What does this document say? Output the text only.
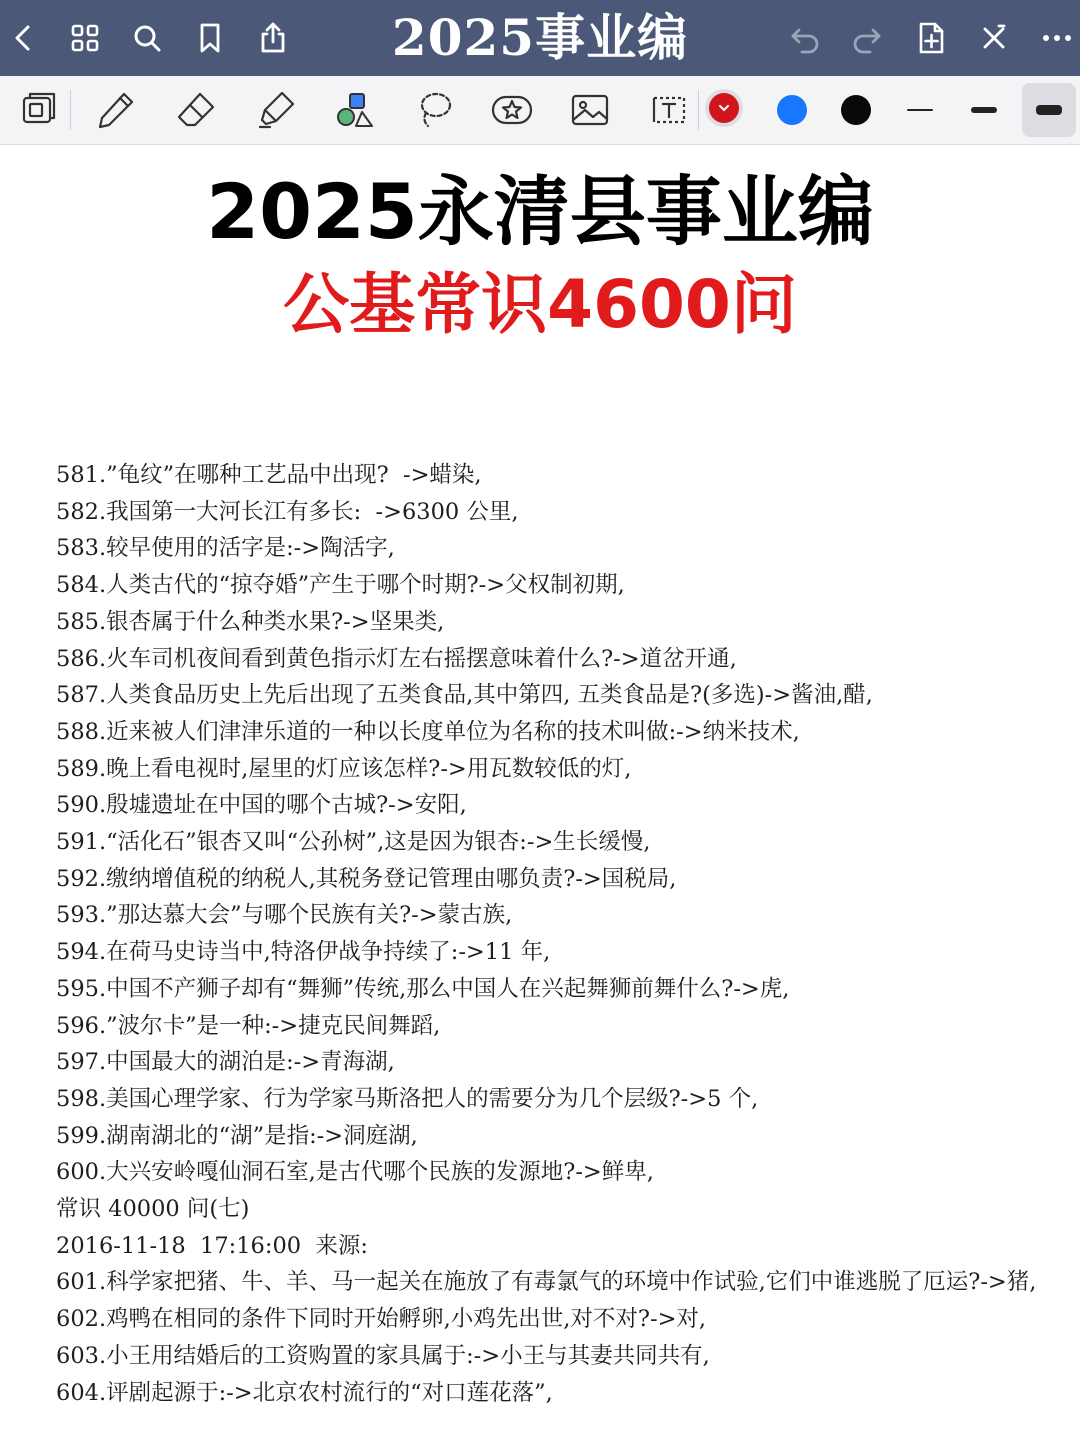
2025事业编
2025永清县事业编
公基常识4600问
581.”龟纹”在哪种工艺品中出现?  ->蜡染,
582.我国第一大河长江有多长:  ->6300 公里,
583.较早使用的活字是:->陶活字,
584.人类古代的“掠夺婚”产生于哪个时期?->父权制初期,
585.银杏属于什么种类水果?->坚果类,
586.火车司机夜间看到黄色指示灯左右摇摆意味着什么?->道岔开通,
587.人类食品历史上先后出现了五类食品,其中第四, 五类食品是?(多选)->酱油,醋,
588.近来被人们津津乐道的一种以长度单位为名称的技术叫做:->纳米技术,
589.晚上看电视时,屋里的灯应该怎样?->用瓦数较低的灯,
590.殷墟遗址在中国的哪个古城?->安阳,
591.“活化石”银杏又叫“公孙树”,这是因为银杏:->生长缓慢,
592.缴纳增值税的纳税人,其税务登记管理由哪负责?->国税局,
593.”那达慕大会”与哪个民族有关?->蒙古族,
594.在荷马史诗当中,特洛伊战争持续了:->11 年,
595.中国不产狮子却有“舞狮”传统,那么中国人在兴起舞狮前舞什么?->虎,
596.”波尔卡”是一种:->捷克民间舞蹈,
597.中国最大的湖泊是:->青海湖,
598.美国心理学家、行为学家马斯洛把人的需要分为几个层级?->5 个,
599.湖南湖北的“湖”是指:->洞庭湖,
600.大兴安岭嘎仙洞石室,是古代哪个民族的发源地?->鲜卑,
常识 40000 问(七)
2016-11-18  17:16:00  来源:
601.科学家把猪、牛、羊、马一起关在施放了有毒氯气的环境中作试验,它们中谁逃脱了厄运?->猪,
602.鸡鸭在相同的条件下同时开始孵卵,小鸡先出世,对不对?->对,
603.小王用结婚后的工资购置的家具属于:->小王与其妻共同共有,
604.评剧起源于:->北京农村流行的“对口莲花落”,
